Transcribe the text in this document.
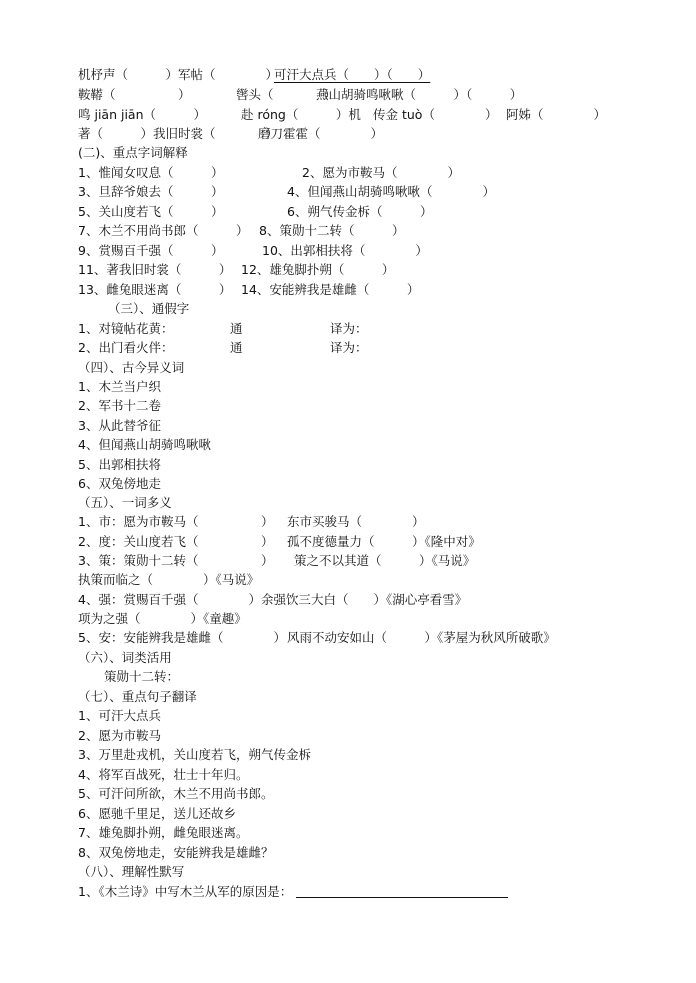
机杼声（　　　） 军帖（　　　　）
可汗大点兵（　　）（　　）
鞍鞯（　　　　　）	辔头（　　　　）
燕山胡骑鸣啾啾（　　　）（　　　）
鸣 jiān jiān（　　　）	赴 róng（　　　）机 传金 tuò（　　　　） 阿姊（　　　　）
著（　　　）我旧时裳（　　　　）
磨刀霍霍（　　　　）
(二)、重点字词解释
1、惟闻女叹息（　　　）	2、愿为市鞍马（　　　　）
3、旦辞爷娘去（　　　）	4、但闻燕山胡骑鸣啾啾（　　　　）
5、关山度若飞（　　　）	6、朔气传金柝（　　　）
7、木兰不用尚书郎（　　　） 8、策勋十二转（　　　）
9、赏赐百千强（　　　）	10、出郭相扶将（　　　　）
11、著我旧时裳（　　　） 12、雄兔脚扑朔（　　　）
13、雌兔眼迷离（　　　） 14、安能辨我是雄雌（　　　）
（三）、通假字
1、对镜帖花黄：	通	译为：
2、出门看火伴：	通	译为：
（四）、古今异义词
1、木兰当户织
2、军书十二卷
3、从此替爷征
4、但闻燕山胡骑鸣啾啾
5、出郭相扶将
6、双兔傍地走
（五）、一词多义
1、市：愿为市鞍马（　　　　　） 东市买骏马（　　　　）
2、度：关山度若飞（　　　　　） 孤不度德量力（　　　）《隆中对》
3、策：策勋十二转（　　　　　） 策之不以其道（　　　）《马说》
执策而临之（　　　　）《马说》
4、强：赏赐百千强（　　　　）余强饮三大白（　　）《湖心亭看雪》
项为之强（　　　　）《童趣》
5、安：安能辨我是雄雌（　　　　） 风雨不动安如山（　　　）《茅屋为秋风所破歌》
（六）、词类活用
策勋十二转：
（七）、重点句子翻译
1、可汗大点兵
2、愿为市鞍马
3、万里赴戎机，关山度若飞，朔气传金柝
4、将军百战死，壮士十年归。
5、可汗问所欲，木兰不用尚书郎。
6、愿驰千里足，送儿还故乡
7、雄兔脚扑朔，雌兔眼迷离。
8、双兔傍地走，安能辨我是雄雌？
（八）、理解性默写
1、《木兰诗》中写木兰从军的原因是：
